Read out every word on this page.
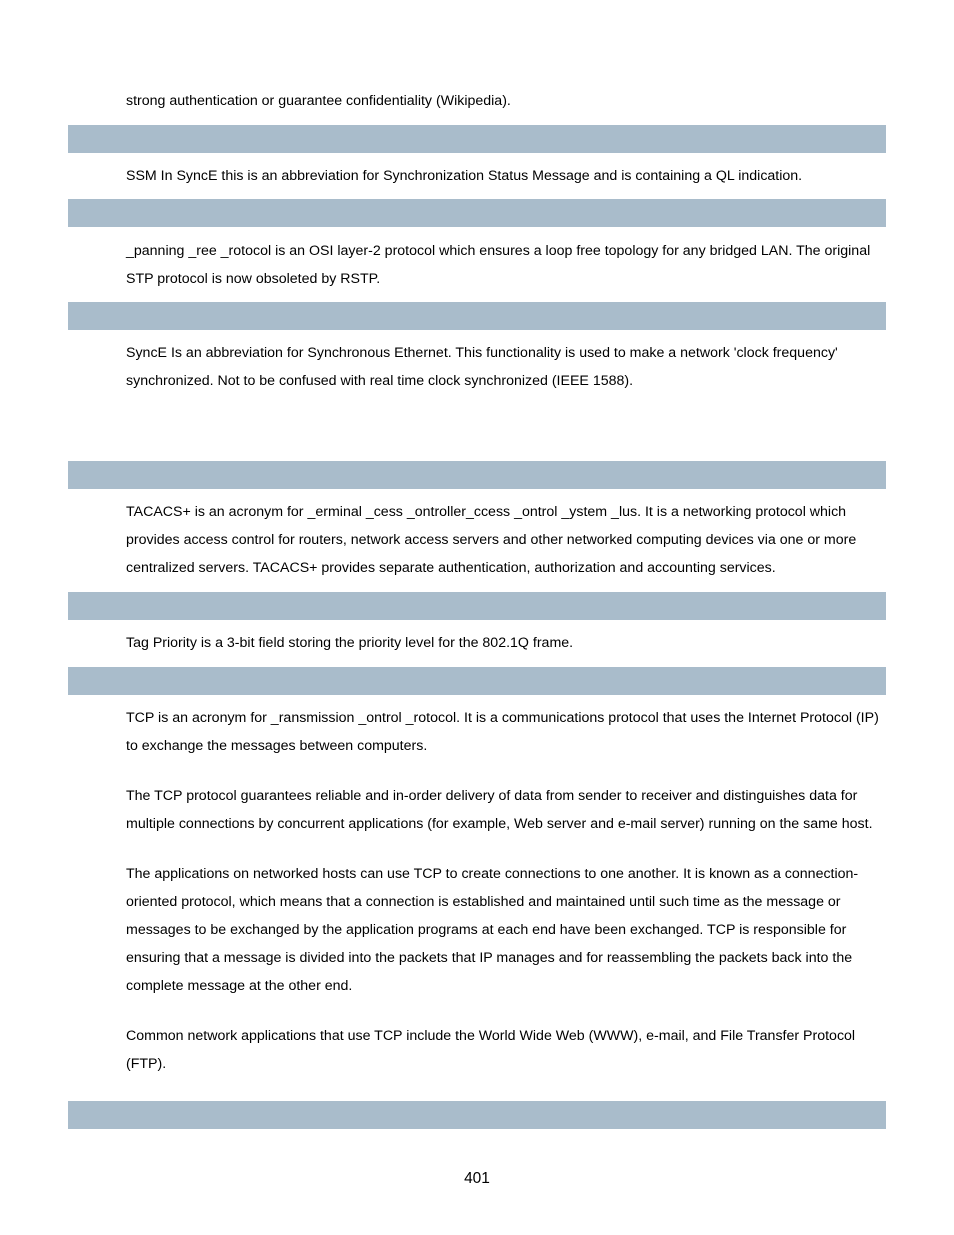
strong authentication or guarantee confidentiality (Wikipedia).

SSM In SyncE this is an abbreviation for Synchronization Status Message and is containing a QL indication.

_panning _ree _rotocol is an OSI layer-2 protocol which ensures a loop free topology for any bridged LAN. The original STP protocol is now obsoleted by RSTP.

SyncE Is an abbreviation for Synchronous Ethernet. This functionality is used to make a network 'clock frequency' synchronized. Not to be confused with real time clock synchronized (IEEE 1588).

TACACS+ is an acronym for _erminal _cess _ontroller_ccess _ontrol _ystem _lus. It is a networking protocol which provides access control for routers, network access servers and other networked computing devices via one or more centralized servers. TACACS+ provides separate authentication, authorization and accounting services.

Tag Priority is a 3-bit field storing the priority level for the 802.1Q frame.

TCP is an acronym for _ransmission _ontrol _rotocol. It is a communications protocol that uses the Internet Protocol (IP) to exchange the messages between computers.

The TCP protocol guarantees reliable and in-order delivery of data from sender to receiver and distinguishes data for multiple connections by concurrent applications (for example, Web server and e-mail server) running on the same host.

The applications on networked hosts can use TCP to create connections to one another. It is known as a connection-oriented protocol, which means that a connection is established and maintained until such time as the message or messages to be exchanged by the application programs at each end have been exchanged. TCP is responsible for ensuring that a message is divided into the packets that IP manages and for reassembling the packets back into the complete message at the other end.

Common network applications that use TCP include the World Wide Web (WWW), e-mail, and File Transfer Protocol (FTP).

401
